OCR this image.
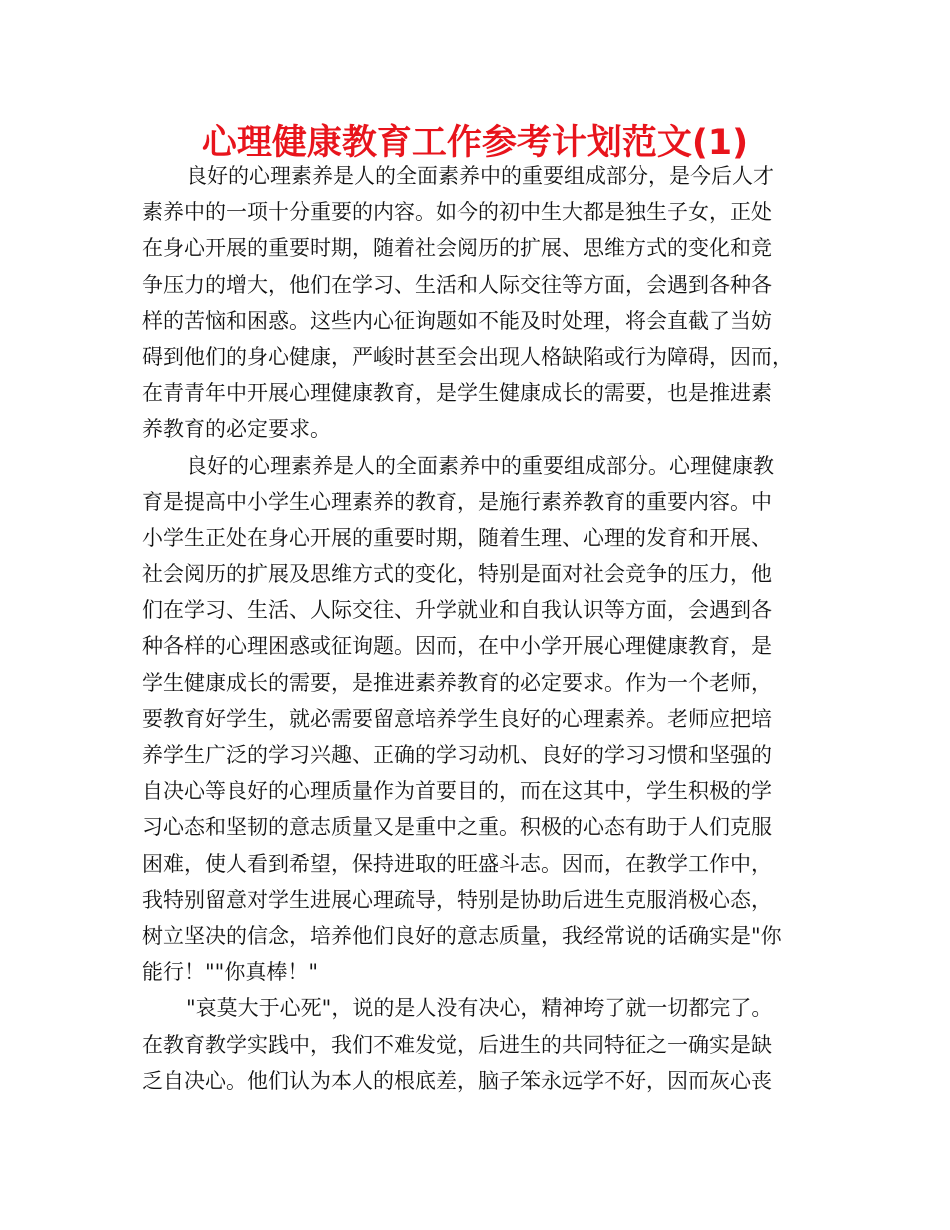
心理健康教育工作参考计划范文(1)
良好的心理素养是人的全面素养中的重要组成部分，是今后人才
素养中的一项十分重要的内容。如今的初中生大都是独生子女，正处
在身心开展的重要时期，随着社会阅历的扩展、思维方式的变化和竞
争压力的增大，他们在学习、生活和人际交往等方面，会遇到各种各
样的苦恼和困惑。这些内心征询题如不能及时处理，将会直截了当妨
碍到他们的身心健康，严峻时甚至会出现人格缺陷或行为障碍，因而，
在青青年中开展心理健康教育，是学生健康成长的需要，也是推进素
养教育的必定要求。
良好的心理素养是人的全面素养中的重要组成部分。心理健康教
育是提高中小学生心理素养的教育，是施行素养教育的重要内容。中
小学生正处在身心开展的重要时期，随着生理、心理的发育和开展、
社会阅历的扩展及思维方式的变化，特别是面对社会竞争的压力，他
们在学习、生活、人际交往、升学就业和自我认识等方面，会遇到各
种各样的心理困惑或征询题。因而，在中小学开展心理健康教育，是
学生健康成长的需要，是推进素养教育的必定要求。作为一个老师，
要教育好学生，就必需要留意培养学生良好的心理素养。老师应把培
养学生广泛的学习兴趣、正确的学习动机、良好的学习习惯和坚强的
自决心等良好的心理质量作为首要目的，而在这其中，学生积极的学
习心态和坚韧的意志质量又是重中之重。积极的心态有助于人们克服
困难，使人看到希望，保持进取的旺盛斗志。因而，在教学工作中，
我特别留意对学生进展心理疏导，特别是协助后进生克服消极心态，
树立坚决的信念，培养他们良好的意志质量，我经常说的话确实是"你
能行！""你真棒！"
"哀莫大于心死"，说的是人没有决心，精神垮了就一切都完了。
在教育教学实践中，我们不难发觉，后进生的共同特征之一确实是缺
乏自决心。他们认为本人的根底差，脑子笨永远学不好，因而灰心丧
